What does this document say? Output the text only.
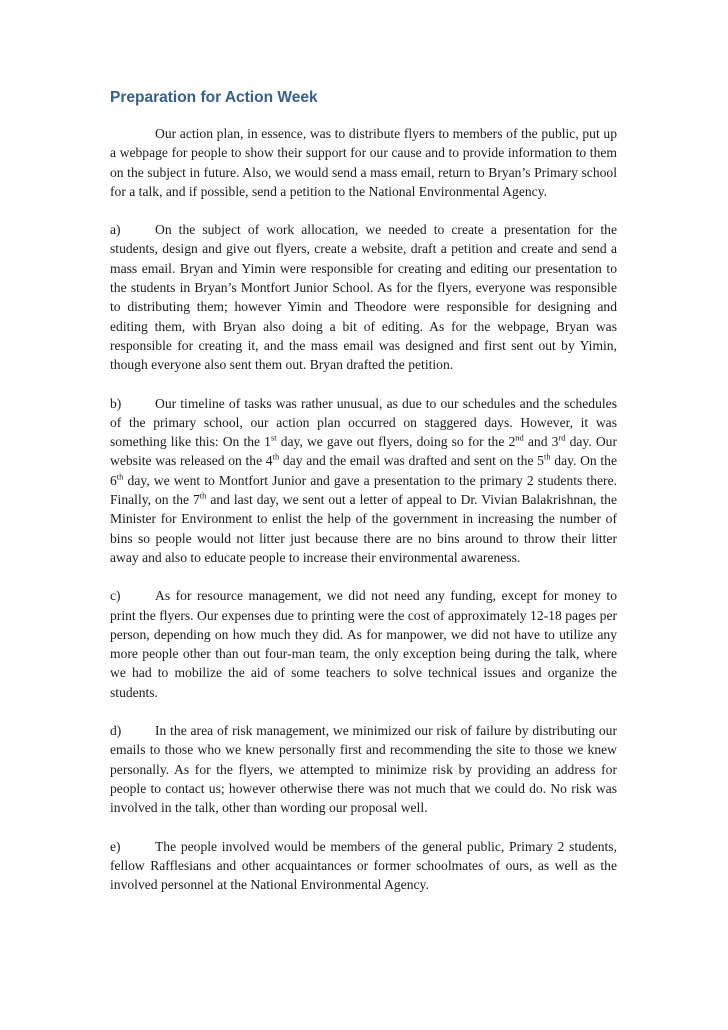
Preparation for Action Week

Our action plan, in essence, was to distribute flyers to members of the public, put up a webpage for people to show their support for our cause and to provide information to them on the subject in future. Also, we would send a mass email, return to Bryan’s Primary school for a talk, and if possible, send a petition to the National Environmental Agency.

a)	On the subject of work allocation, we needed to create a presentation for the students, design and give out flyers, create a website, draft a petition and create and send a mass email. Bryan and Yimin were responsible for creating and editing our presentation to the students in Bryan’s Montfort Junior School. As for the flyers, everyone was responsible to distributing them; however Yimin and Theodore were responsible for designing and editing them, with Bryan also doing a bit of editing. As for the webpage, Bryan was responsible for creating it, and the mass email was designed and first sent out by Yimin, though everyone also sent them out. Bryan drafted the petition.

b) Our timeline of tasks was rather unusual, as due to our schedules and the schedules of the primary school, our action plan occurred on staggered days. However, it was something like this: On the 1st day, we gave out flyers, doing so for the 2nd and 3rd day. Our website was released on the 4th day and the email was drafted and sent on the 5th day. On the 6th day, we went to Montfort Junior and gave a presentation to the primary 2 students there. Finally, on the 7th and last day, we sent out a letter of appeal to Dr. Vivian Balakrishnan, the Minister for Environment to enlist the help of the government in increasing the number of bins so people would not litter just because there are no bins around to throw their litter away and also to educate people to increase their environmental awareness.

c)	As for resource management, we did not need any funding, except for money to print the flyers. Our expenses due to printing were the cost of approximately 12-18 pages per person, depending on how much they did. As for manpower, we did not have to utilize any more people other than out four-man team, the only exception being during the talk, where we had to mobilize the aid of some teachers to solve technical issues and organize the students.

d) In the area of risk management, we minimized our risk of failure by distributing our emails to those who we knew personally first and recommending the site to those we knew personally. As for the flyers, we attempted to minimize risk by providing an address for people to contact us; however otherwise there was not much that we could do. No risk was involved in the talk, other than wording our proposal well.

e)	The people involved would be members of the general public, Primary 2 students, fellow Rafflesians and other acquaintances or former schoolmates of ours, as well as the involved personnel at the National Environmental Agency.
